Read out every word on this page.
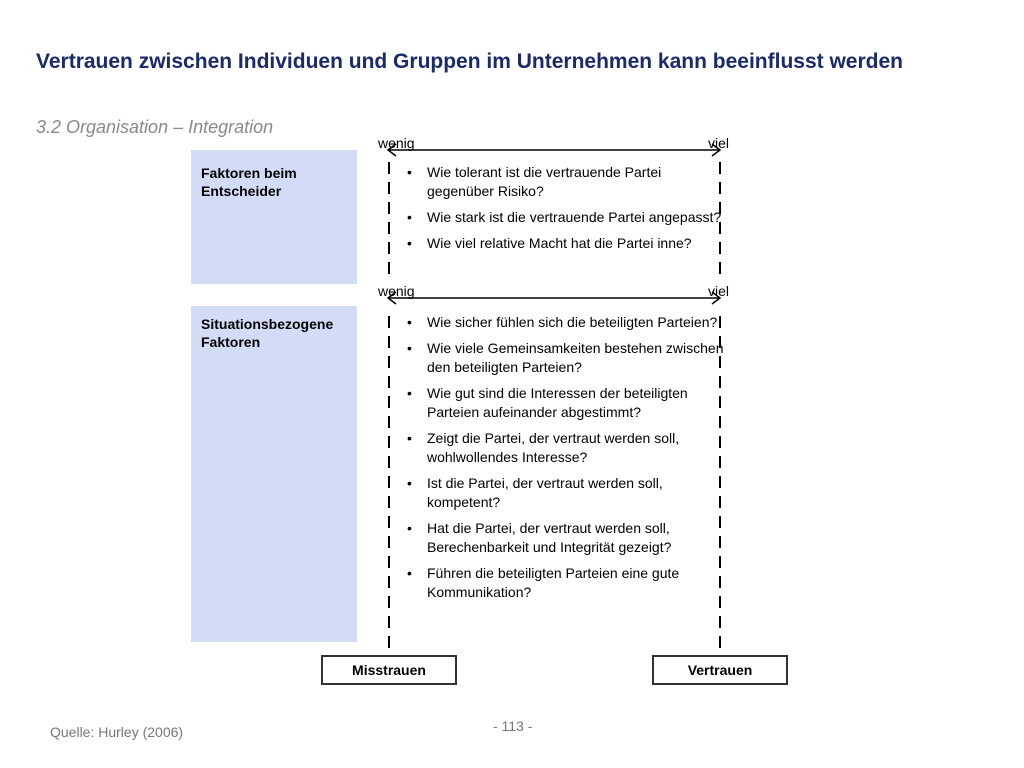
Vertrauen zwischen Individuen und Gruppen im Unternehmen kann beeinflusst werden
3.2 Organisation – Integration
wenig	viel
Faktoren beim Entscheider
• Wie tolerant ist die vertrauende Partei gegenüber Risiko?
• Wie stark ist die vertrauende Partei angepasst?
• Wie viel relative Macht hat die Partei inne?
wenig	viel
Situationsbezogene Faktoren
• Wie sicher fühlen sich die beteiligten Parteien?
• Wie viele Gemeinsamkeiten bestehen zwischen den beteiligten Parteien?
• Wie gut sind die Interessen der beteiligten Parteien aufeinander abgestimmt?
• Zeigt die Partei, der vertraut werden soll, wohlwollendes Interesse?
• Ist die Partei, der vertraut werden soll, kompetent?
• Hat die Partei, der vertraut werden soll, Berechenbarkeit und Integrität gezeigt?
• Führen die beteiligten Parteien eine gute Kommunikation?
Misstrauen	Vertrauen
Quelle: Hurley (2006)	- 113 -
